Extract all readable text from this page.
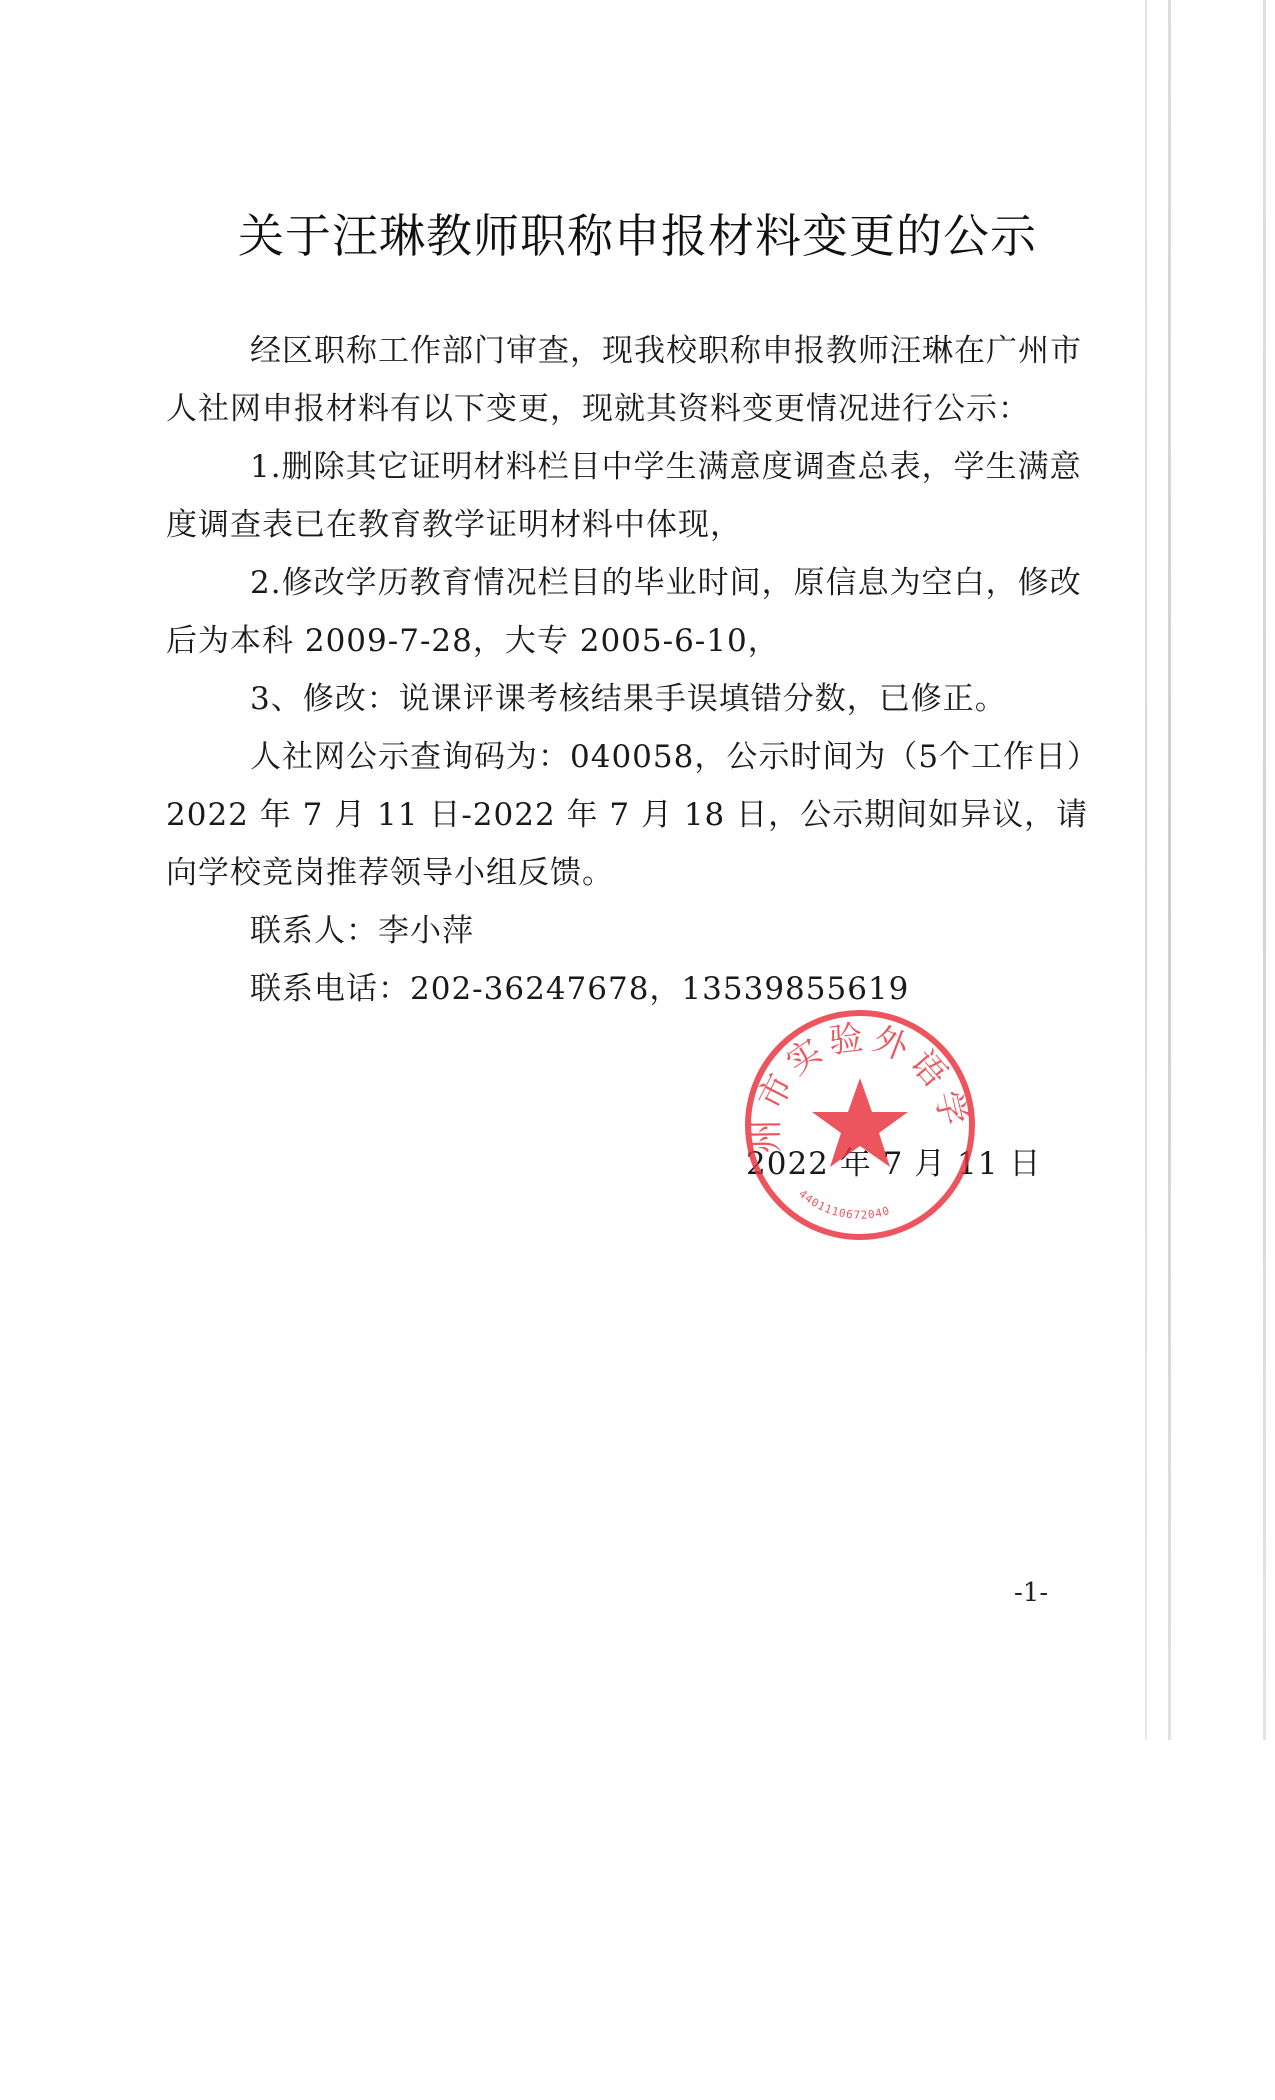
关于汪琳教师职称申报材料变更的公示

经区职称工作部门审查，现我校职称申报教师汪琳在广州市人社网申报材料有以下变更，现就其资料变更情况进行公示：

1.删除其它证明材料栏目中学生满意度调查总表，学生满意度调查表已在教育教学证明材料中体现，

2.修改学历教育情况栏目的毕业时间，原信息为空白，修改后为本科 2009-7-28，大专 2005-6-10，

3、修改：说课评课考核结果手误填错分数，已修正。

人社网公示查询码为：040058，公示时间为（5个工作日）2022 年 7 月 11 日-2022 年 7 月 18 日，公示期间如异议，请向学校竞岗推荐领导小组反馈。

联系人：李小萍

联系电话：202-36247678，13539855619

2022 年 7 月 11 日
州市实验外语学
4401110672040
-1-
